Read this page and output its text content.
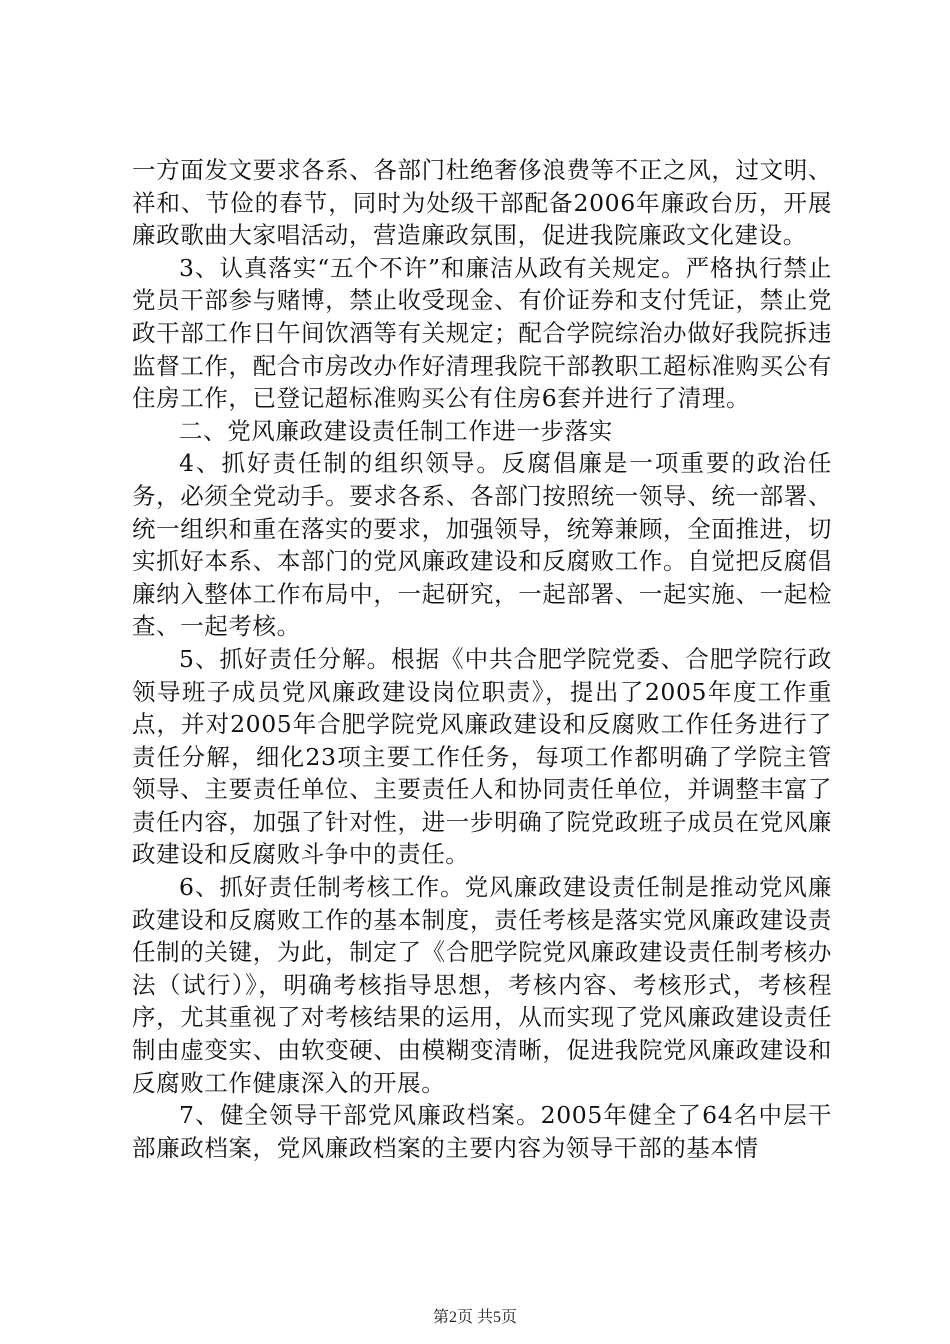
一方面发文要求各系、各部门杜绝奢侈浪费等不正之风，过文明、祥和、节俭的春节，同时为处级干部配备2006年廉政台历，开展廉政歌曲大家唱活动，营造廉政氛围，促进我院廉政文化建设。

3、认真落实“五个不许”和廉洁从政有关规定。严格执行禁止党员干部参与赌博，禁止收受现金、有价证券和支付凭证，禁止党政干部工作日午间饮酒等有关规定；配合学院综治办做好我院拆违监督工作，配合市房改办作好清理我院干部教职工超标准购买公有住房工作，已登记超标准购买公有住房6套并进行了清理。

二、党风廉政建设责任制工作进一步落实

4、抓好责任制的组织领导。反腐倡廉是一项重要的政治任务，必须全党动手。要求各系、各部门按照统一领导、统一部署、统一组织和重在落实的要求，加强领导，统筹兼顾，全面推进，切实抓好本系、本部门的党风廉政建设和反腐败工作。自觉把反腐倡廉纳入整体工作布局中，一起研究，一起部署、一起实施、一起检查、一起考核。

5、抓好责任分解。根据《中共合肥学院党委、合肥学院行政领导班子成员党风廉政建设岗位职责》，提出了2005年度工作重点，并对2005年合肥学院党风廉政建设和反腐败工作任务进行了责任分解，细化23项主要工作任务，每项工作都明确了学院主管领导、主要责任单位、主要责任人和协同责任单位，并调整丰富了责任内容，加强了针对性，进一步明确了院党政班子成员在党风廉政建设和反腐败斗争中的责任。

6、抓好责任制考核工作。党风廉政建设责任制是推动党风廉政建设和反腐败工作的基本制度，责任考核是落实党风廉政建设责任制的关键，为此，制定了《合肥学院党风廉政建设责任制考核办法（试行）》，明确考核指导思想，考核内容、考核形式，考核程序，尤其重视了对考核结果的运用，从而实现了党风廉政建设责任制由虚变实、由软变硬、由模糊变清晰，促进我院党风廉政建设和反腐败工作健康深入的开展。

7、健全领导干部党风廉政档案。2005年健全了64名中层干部廉政档案，党风廉政档案的主要内容为领导干部的基本情

第2页 共5页
